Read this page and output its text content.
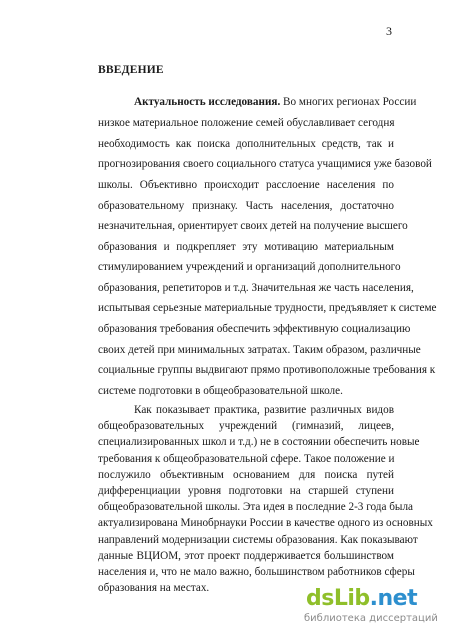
3
ВВЕДЕНИЕ
Актуальность исследования. Во многих регионах России
низкое материальное положение семей обуславливает сегодня
необходимость как поиска дополнительных средств, так и
прогнозирования своего социального статуса учащимися уже базовой
школы. Объективно происходит расслоение населения по
образовательному признаку. Часть населения, достаточно
незначительная, ориентирует своих детей на получение высшего
образования и подкрепляет эту мотивацию материальным
стимулированием учреждений и организаций дополнительного
образования, репетиторов и т.д. Значительная же часть населения,
испытывая серьезные материальные трудности, предъявляет к системе
образования требования обеспечить эффективную социализацию
своих детей при минимальных затратах. Таким образом, различные
социальные группы выдвигают прямо противоположные требования к
системе подготовки в общеобразовательной школе.
Как показывает практика, развитие различных видов
общеобразовательных учреждений (гимназий, лицеев,
специализированных школ и т.д.) не в состоянии обеспечить новые
требования к общеобразовательной сфере. Такое положение и
послужило объективным основанием для поиска путей
дифференциации уровня подготовки на старшей ступени
общеобразовательной школы. Эта идея в последние 2-3 года была
актуализирована Минобрнауки России в качестве одного из основных
направлений модернизации системы образования. Как показывают
данные ВЦИОМ, этот проект поддерживается большинством
населения и, что не мало важно, большинством работников сферы
образования на местах.	dsLib.net
библиотека диссертаций
